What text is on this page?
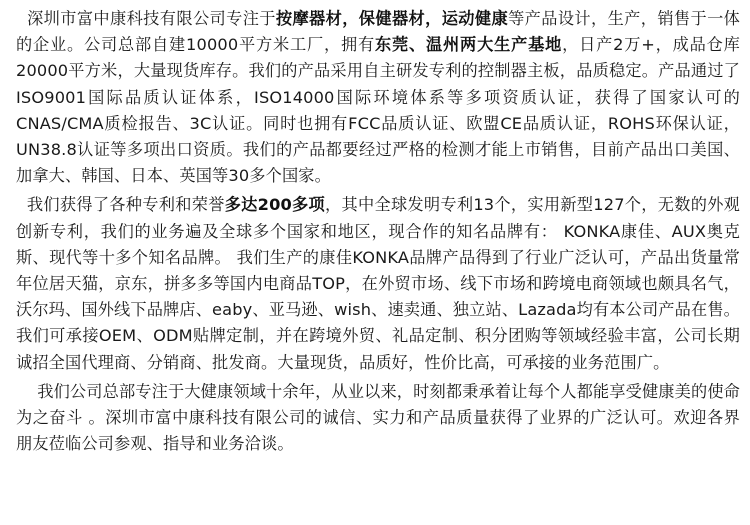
深圳市富中康科技有限公司专注于按摩器材，保健器材，运动健康等产品设计，生产，销售于一体的企业。公司总部自建10000平方米工厂，拥有东莞、温州两大生产基地，日产2万+，成品仓库20000平方米，大量现货库存。我们的产品采用自主研发专利的控制器主板，品质稳定。产品通过了ISO9001国际品质认证体系，ISO14000国际环境体系等多项资质认证，获得了国家认可的CNAS/CMA质检报告、3C认证。同时也拥有FCC品质认证、欧盟CE品质认证，ROHS环保认证，UN38.8认证等多项出口资质。我们的产品都要经过严格的检测才能上市销售，目前产品出口美国、加拿大、韩国、日本、英国等30多个国家。

我们获得了各种专利和荣誉多达200多项，其中全球发明专利13个，实用新型127个，无数的外观创新专利，我们的业务遍及全球多个国家和地区，现合作的知名品牌有： KONKA康佳、AUX奥克斯、现代等十多个知名品牌。 我们生产的康佳KONKA品牌产品得到了行业广泛认可，产品出货量常年位居天猫，京东，拼多多等国内电商品TOP，在外贸市场、线下市场和跨境电商领域也颇具名气，沃尔玛、国外线下品牌店、eaby、亚马逊、wish、速卖通、独立站、Lazada均有本公司产品在售。我们可承接OEM、ODM贴牌定制，并在跨境外贸、礼品定制、积分团购等领域经验丰富，公司长期诚招全国代理商、分销商、批发商。大量现货，品质好，性价比高，可承接的业务范围广。

我们公司总部专注于大健康领域十余年，从业以来，时刻都秉承着让每个人都能享受健康美的使命为之奋斗 。深圳市富中康科技有限公司的诚信、实力和产品质量获得了业界的广泛认可。欢迎各界朋友莅临公司参观、指导和业务洽谈。
